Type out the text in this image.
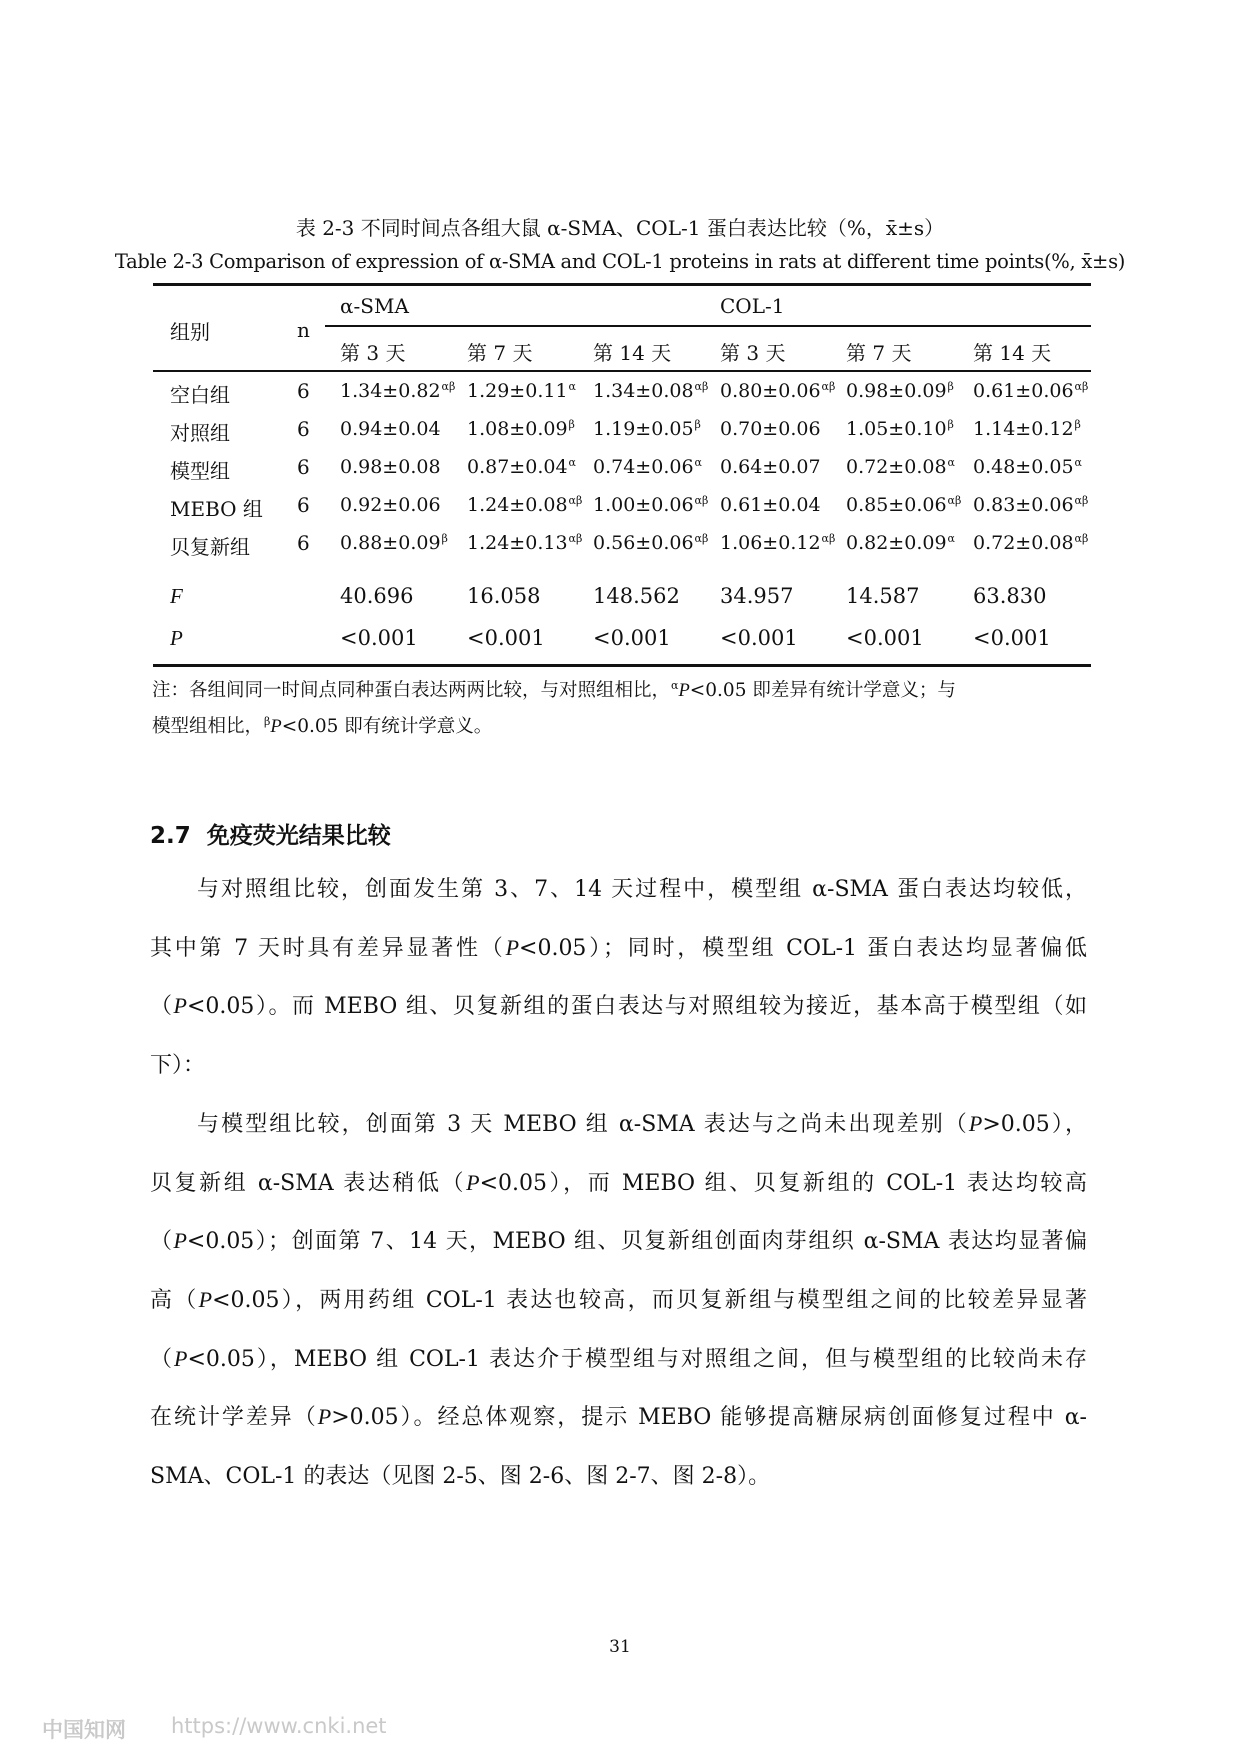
表 2-3 不同时间点各组大鼠 α-SMA、COL-1 蛋白表达比较（%，x̄±s）
Table 2-3 Comparison of expression of α-SMA and COL-1 proteins in rats at different time points(%, x̄±s)
组别	n
α-SMA	COL-1
第 3 天	第 7 天	第 14 天 第 3 天	第 7 天	第 14 天
空白组	6 $1.34\pm 0.82^{\alpha\beta}$ $1.29\pm 0.11^\alpha$ $1.34\pm 0.08^{\alpha\beta}$ $0.80\pm 0.06^{\alpha\beta}$ $0.98\pm 0.09^\beta$ $0.61\pm 0.06^{\alpha\beta}$
对照组	6 0.94±0.04 $1.08\pm 0.09^\beta$ $1.19\pm 0.05^\beta$ 0.70±0.06 $1.05\pm 0.10^\beta$ $1.14\pm 0.12^\beta$
模型组	6 0.98±0.08 $0.87\pm 0.04^\alpha$ $0.74\pm 0.06^\alpha$ 0.64±0.07 $0.72\pm 0.08^\alpha$ $0.48\pm 0.05^\alpha$
MEBO 组 6 0.92±0.06 $1.24\pm 0.08^{\alpha\beta}$ $1.00\pm 0.06^{\alpha\beta}$ 0.61±0.04 $0.85\pm 0.06^{\alpha\beta}$ $0.83\pm 0.06^{\alpha\beta}$
贝复新组 6 $0.88\pm 0.09^\beta$ $1.24\pm 0.13^{\alpha\beta}$ $0.56\pm 0.06^{\alpha\beta}$ $1.06\pm 0.12^{\alpha\beta}$ $0.82\pm 0.09^\alpha$ $0.72\pm 0.08^{\alpha\beta}$
F	40.696	16.058	148.562 34.957	14.587	63.830
P	<0.001 <0.001 <0.001 <0.001 <0.001 <0.001
注：各组间同一时间点同种蛋白表达两两比较，与对照组相比，$^\alpha$P<0.05 即差异有统计学意义；与
模型组相比，$^\beta$P<0.05 即有统计学意义。
2.7 免疫荧光结果比较
与对照组比较，创面发生第 3、7、14 天过程中，模型组 α-SMA 蛋白表达均较低，
其中第 7 天时具有差异显著性（P<0.05）；同时，模型组 COL-1 蛋白表达均显著偏低
（P<0.05）。而 MEBO 组、贝复新组的蛋白表达与对照组较为接近，基本高于模型组（如
下）：
与模型组比较，创面第 3 天 MEBO 组 α-SMA 表达与之尚未出现差别（P>0.05），
贝复新组 α-SMA 表达稍低（P<0.05），而 MEBO 组、贝复新组的 COL-1 表达均较高
（P<0.05）；创面第 7、14 天，MEBO 组、贝复新组创面肉芽组织 α-SMA 表达均显著偏
高（P<0.05），两用药组 COL-1 表达也较高，而贝复新组与模型组之间的比较差异显著
（P<0.05），MEBO 组 COL-1 表达介于模型组与对照组之间，但与模型组的比较尚未存
在统计学差异（P>0.05）。经总体观察，提示 MEBO 能够提高糖尿病创面修复过程中 α-
SMA、COL-1 的表达（见图 2-5、图 2-6、图 2-7、图 2-8）。
31
中国知网 https://www.cnki.net
